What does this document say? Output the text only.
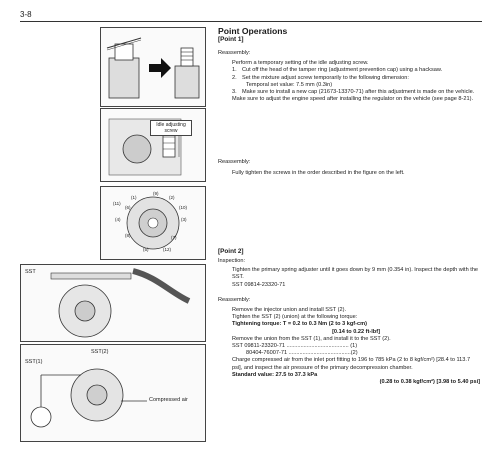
3-8
Idle adjusting screw
(1)	(2)
(3)
(4)
(5)
(6)
(7)
(8)
(9)
(10)
(11)
(12)
SST
SST(1)
SST(2)
Compressed air
Point Operations
[Point 1]

Reassembly:

Perform a temporary setting of the idle adjusting screw.

1. Cut off the head of the tamper ring (adjustment prevention cap) using a hacksaw.
2. Set the mixture adjust screw temporarily to the following dimension:

Temporal set value: 7.5 mm (0.3in)

3. Make sure to install a new cap (21673-13370-71) after this adjustment is made on the vehicle.

Make sure to adjust the engine speed after installing the regulator on the vehicle (see page 8-21).

Reassembly:

Fully tighten the screws in the order described in the figure on the left.

[Point 2]

Inspection:

Tighten the primary spring adjuster until it goes down by 9 mm (0.354 in). Inspect the depth with the SST.

SST 09814-23320-71

Reassembly:

Remove the injector union and install SST (2).

Tighten the SST (2) (union) at the following torque:

Tightening torque: T = 0.2 to 0.3 Nm (2 to 3 kgf-cm)

[0.14 to 0.22 ft-lbf]

Remove the union from the SST (1), and install it to the SST (2).

SST 09811-23320-71 ........................................ (1)

80404-76007-71 ........................................(2)

Charge compressed air from the inlet port fitting to 196 to 785 kPa (2 to 8 kgf/cm²) [28.4 to 113.7 psi], and inspect the air pressure of the primary decompression chamber.

Standard value: 27.5 to 37.3 kPa

(0.28 to 0.38 kgf/cm²) [3.98 to 5.40 psi]
